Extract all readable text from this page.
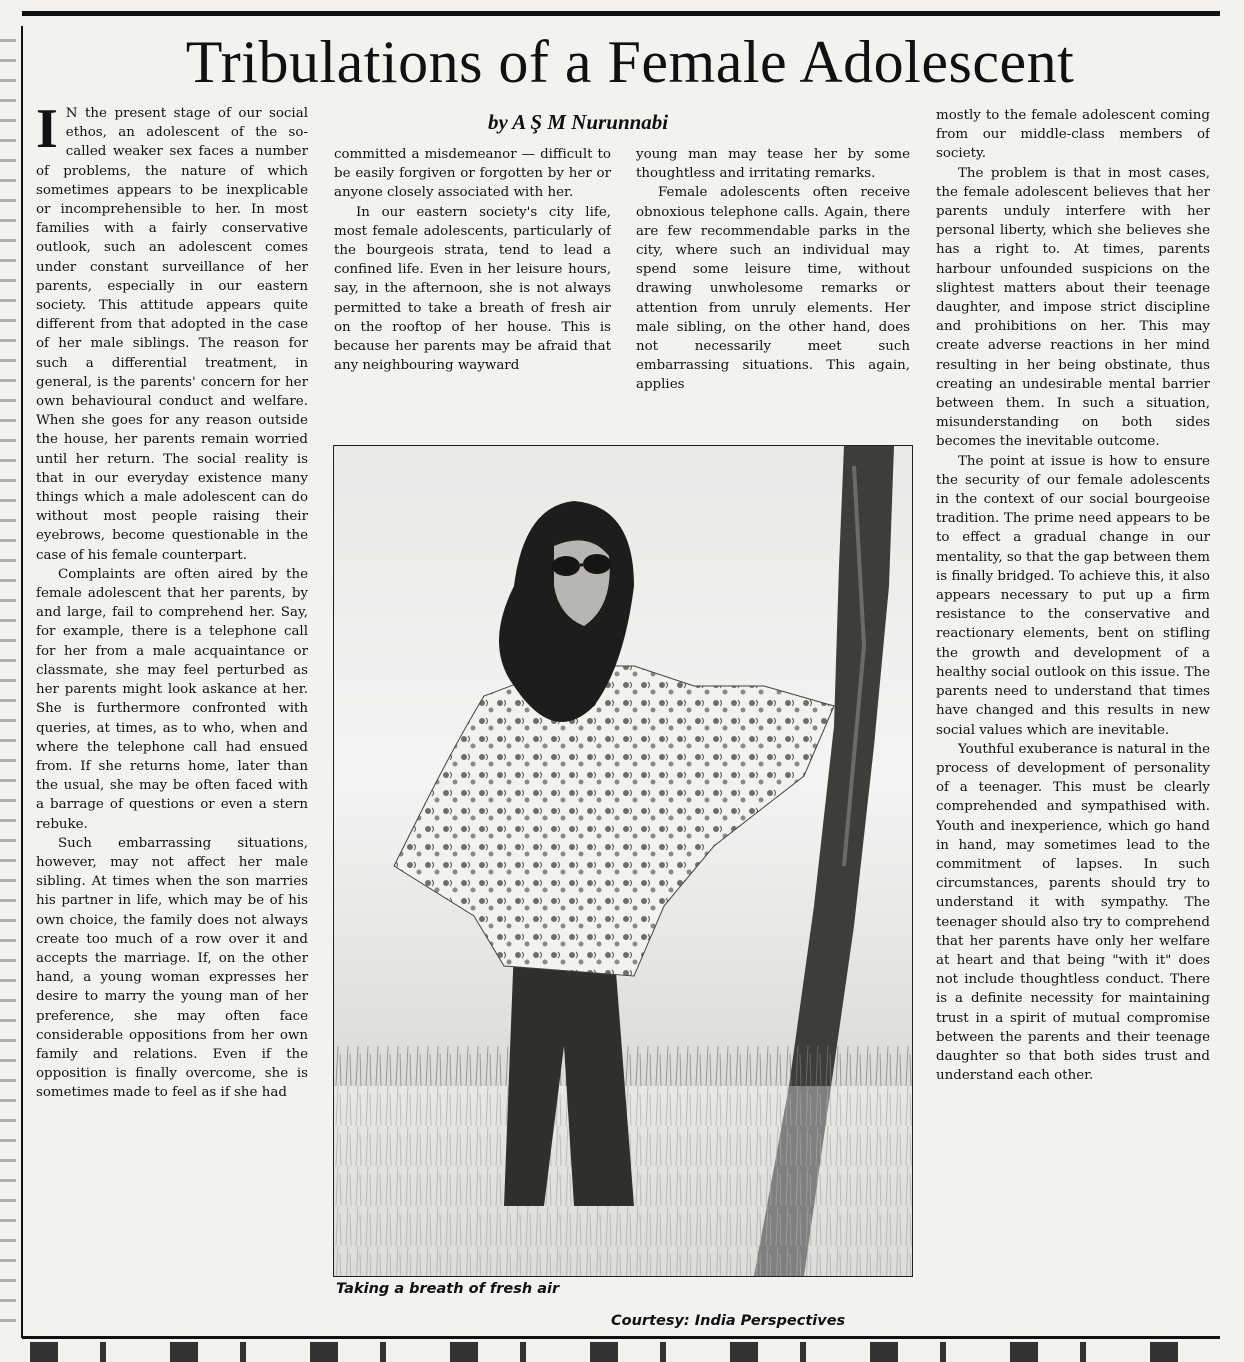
Tribulations of a Female Adolescent
by A Ş M Nurunnabi
I N the present stage of our social ethos, an adolescent of the so-called weaker sex faces a number of problems, the nature of which sometimes appears to be inexplicable or incomprehensible to her. In most families with a fairly conservative outlook, such an adolescent comes under constant surveillance of her parents, especially in our eastern society. This attitude appears quite different from that adopted in the case of her male siblings. The reason for such a differential treatment, in general, is the parents' concern for her own behavioural conduct and welfare. When she goes for any reason outside the house, her parents remain worried until her return. The social reality is that in our everyday existence many things which a male adolescent can do without most people raising their eyebrows, become questionable in the case of his female counterpart.

Complaints are often aired by the female adolescent that her parents, by and large, fail to comprehend her. Say, for example, there is a telephone call for her from a male acquaintance or classmate, she may feel perturbed as her parents might look askance at her. She is furthermore confronted with queries, at times, as to who, when and where the telephone call had ensued from. If she returns home, later than the usual, she may be often faced with a barrage of questions or even a stern rebuke.

Such embarrassing situations, however, may not affect her male sibling. At times when the son marries his partner in life, which may be of his own choice, the family does not always create too much of a row over it and accepts the marriage. If, on the other hand, a young woman expresses her desire to marry the young man of her preference, she may often face considerable oppositions from her own family and relations. Even if the opposition is finally overcome, she is sometimes made to feel as if she had

committed a misdemeanor — difficult to be easily forgiven or forgotten by her or anyone closely associated with her.

In our eastern society's city life, most female adolescents, particularly of the bourgeois strata, tend to lead a confined life. Even in her leisure hours, say, in the afternoon, she is not always permitted to take a breath of fresh air on the rooftop of her house. This is because her parents may be afraid that any neighbouring wayward

young man may tease her by some thoughtless and irritating remarks.

Female adolescents often receive obnoxious telephone calls. Again, there are few recommendable parks in the city, where such an individual may spend some leisure time, without drawing unwholesome remarks or attention from unruly elements. Her male sibling, on the other hand, does not necessarily meet such embarrassing situations. This again, applies

mostly to the female adolescent coming from our middle-class members of society.

The problem is that in most cases, the female adolescent believes that her parents unduly interfere with her personal liberty, which she believes she has a right to. At times, parents harbour unfounded suspicions on the slightest matters about their teenage daughter, and impose strict discipline and prohibitions on her. This may create adverse reactions in her mind resulting in her being obstinate, thus creating an undesirable mental barrier between them. In such a situation, misunderstanding on both sides becomes the inevitable outcome.

The point at issue is how to ensure the security of our female adolescents in the context of our social bourgeoise tradition. The prime need appears to be to effect a gradual change in our mentality, so that the gap between them is finally bridged. To achieve this, it also appears necessary to put up a firm resistance to the conservative and reactionary elements, bent on stifling the growth and development of a healthy social outlook on this issue. The parents need to understand that times have changed and this results in new social values which are inevitable.

Youthful exuberance is natural in the process of development of personality of a teenager. This must be clearly comprehended and sympathised with. Youth and inexperience, which go hand in hand, may sometimes lead to the commitment of lapses. In such circumstances, parents should try to understand it with sympathy. The teenager should also try to comprehend that her parents have only her welfare at heart and that being "with it" does not include thoughtless conduct. There is a definite necessity for maintaining trust in a spirit of mutual compromise between the parents and their teenage daughter so that both sides trust and understand each other.

Taking a breath of fresh air
Courtesy: India Perspectives
